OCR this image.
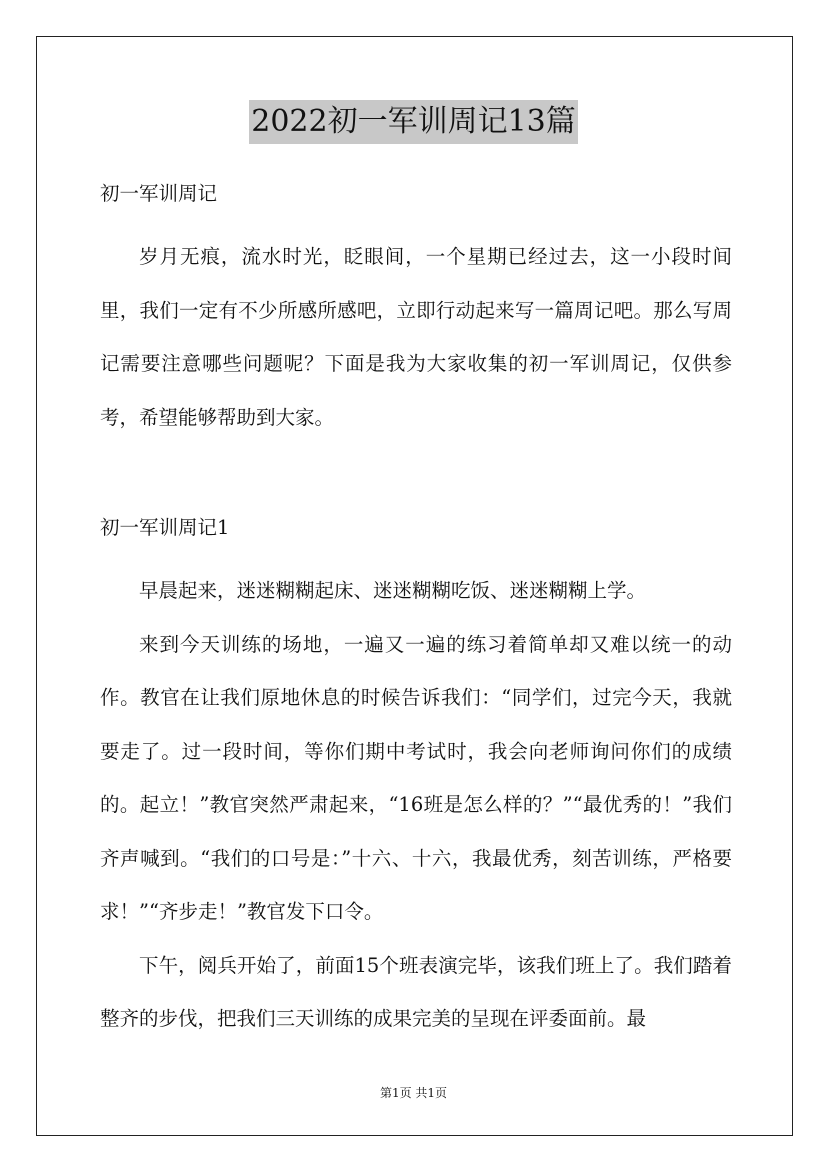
2022初一军训周记13篇
初一军训周记

岁月无痕，流水时光，眨眼间，一个星期已经过去，这一小段时间里，我们一定有不少所感所感吧，立即行动起来写一篇周记吧。那么写周记需要注意哪些问题呢？下面是我为大家收集的初一军训周记，仅供参考，希望能够帮助到大家。

初一军训周记1

早晨起来，迷迷糊糊起床、迷迷糊糊吃饭、迷迷糊糊上学。

来到今天训练的场地，一遍又一遍的练习着简单却又难以统一的动作。教官在让我们原地休息的时候告诉我们：“同学们，过完今天，我就要走了。过一段时间，等你们期中考试时，我会向老师询问你们的成绩的。起立！”教官突然严肃起来，“16班是怎么样的？”“最优秀的！”我们齐声喊到。“我们的口号是：”十六、十六，我最优秀，刻苦训练，严格要求！”“齐步走！”教官发下口令。

下午，阅兵开始了，前面15个班表演完毕，该我们班上了。我们踏着整齐的步伐，把我们三天训练的成果完美的呈现在评委面前。最

第1页 共1页
